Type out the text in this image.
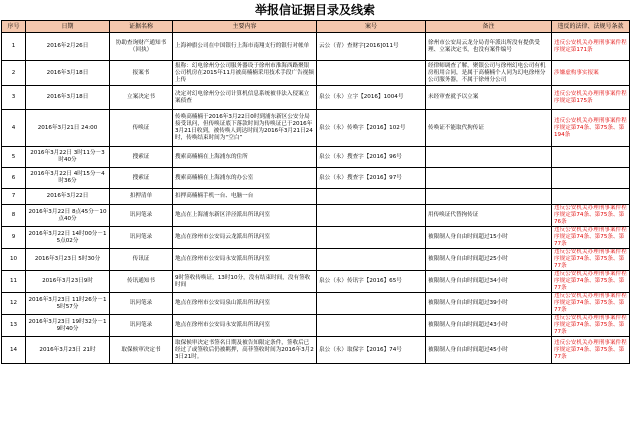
举报信证据目录及线索
序号	日期	证据名称	主要内容	案号	备注	违反的法律、法规号条款
1	2016年2月26日	协助查询财产通知书（回执）	上海神旗公司在中国银行上海市南翔支行的银行对帐单	云公（青）查财字[2016]011号	徐州市公安局云龙分局青年派出所没有提供受理、立案决定书，也没有案件编号	违反公安机关办理刑事案件程序规定第171条
2	2016年3月18日	报案书	报称：幻电徐州分公司服务器设于徐州市淮海西路聚银公司机房在2015年11月被高楠楠采用技术手段广告视频上传		经律师调查了解，聚银公司与徐州幻电公司有机房租用合同，是属于高楠楠个人同为幻电徐州分公司服务器，不属于徐州分公司	涉嫌虚构事实报案
3	2016年3月18日	立案决定书	决定对幻电徐州分公司计算机信息系统被非法入侵案立案侦查	泉公（永）立字【2016】1004号	未经审查就予以立案	违反公安机关办理刑事案件程序规定第175条
4	2016年3月21日 24:00	传唤证	传唤高楠楠于2016年3月22日0时到浦东新区公安分局接受讯问，但传唤证底下落款时间为传唤证已于2016年3月21日收到，被传唤人到达时间为2016年3月21日24时，传唤结束时间为“空白”	泉公（永）传唤字【2016】102号	传唤证不能取代拘传证	违反公安机关办理刑事案件程序规定第74条、第75条、第194条
5	2016年3月22日 3时11分－3时40分	搜索证	搜索高楠楠在上海浦东的住所	泉公（永）搜查字【2016】96号		
6	2016年3月22日 4时15分－4时36分	搜索证	搜索高楠楠在上海浦东的办公室	泉公（永）搜查字【2016】97号		
7	2016年3月22日	扣押清单	扣押高楠楠手机一台、电脑一台			
8	2016年3月22日 8点45分－10点40分	讯问笔录	地点在上海浦东新区洋泾派出所讯问室		用传唤证代替拘传证	违反公安机关办理刑事案件程序规定第74条、第75条、第76条
9	2016年3月22日 14时00分－15点02分	讯问笔录	地点在徐州市公安局云龙派出所讯问室		被限制人身自由时间超过15小时	违反公安机关办理刑事案件程序规定第74条、第75条、第77条
10	2016年3月23日 5时30分	传讯证	地点在徐州市公安局永安派出所讯问室		被限制人身自由时间超过25小时	违反公安机关办理刑事案件程序规定第74条、第75条、第77条
11	2016年3月23日9时	传讯通知书	9时签收传唤证，13时10分，没有结束时间，没有签收时间	泉公（永）传讯字【2016】65号	被限制人身自由时间超过34小时	违反公安机关办理刑事案件程序规定第74条、第75条、第77条
12	2016年3月23日 11时26分－15时57分	讯问笔录	地点在徐州市公安局泉山派出所讯问室		被限制人身自由时间超过39小时	违反公安机关办理刑事案件程序规定第74条、第75条、第77条
13	2016年3月23日 19时32分－19时40分	讯问笔录	地点在徐州市公安局永安派出所讯问室		被限制人身自由时间超过43小时	违反公安机关办理刑事案件程序规定第74条、第75条、第77条
14	2016年3月23日 21时	取保候审决定书	取保候审决定书签名日期及被告知限定条件，签收后已经过了或签收后仍被羁押，高菲签收时间为2016年3月23日21时。	泉公（永）取保字【2016】74号	被限制人身自由时间超过45小时	违反公安机关办理刑事案件程序规定第74条、第75条、第77条
